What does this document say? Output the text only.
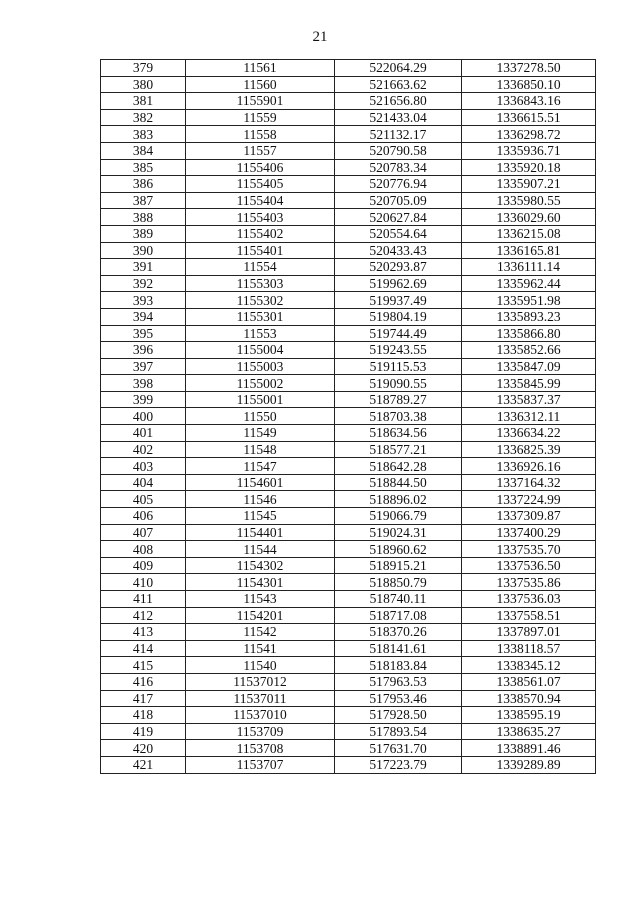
21
379	11561	522064.29	1337278.50
380	11560	521663.62	1336850.10
381	1155901	521656.80	1336843.16
382	11559	521433.04	1336615.51
383	11558	521132.17	1336298.72
384	11557	520790.58	1335936.71
385	1155406	520783.34	1335920.18
386	1155405	520776.94	1335907.21
387	1155404	520705.09	1335980.55
388	1155403	520627.84	1336029.60
389	1155402	520554.64	1336215.08
390	1155401	520433.43	1336165.81
391	11554	520293.87	1336111.14
392	1155303	519962.69	1335962.44
393	1155302	519937.49	1335951.98
394	1155301	519804.19	1335893.23
395	11553	519744.49	1335866.80
396	1155004	519243.55	1335852.66
397	1155003	519115.53	1335847.09
398	1155002	519090.55	1335845.99
399	1155001	518789.27	1335837.37
400	11550	518703.38	1336312.11
401	11549	518634.56	1336634.22
402	11548	518577.21	1336825.39
403	11547	518642.28	1336926.16
404	1154601	518844.50	1337164.32
405	11546	518896.02	1337224.99
406	11545	519066.79	1337309.87
407	1154401	519024.31	1337400.29
408	11544	518960.62	1337535.70
409	1154302	518915.21	1337536.50
410	1154301	518850.79	1337535.86
411	11543	518740.11	1337536.03
412	1154201	518717.08	1337558.51
413	11542	518370.26	1337897.01
414	11541	518141.61	1338118.57
415	11540	518183.84	1338345.12
416	11537012	517963.53	1338561.07
417	11537011	517953.46	1338570.94
418	11537010	517928.50	1338595.19
419	1153709	517893.54	1338635.27
420	1153708	517631.70	1338891.46
421	1153707	517223.79	1339289.89
